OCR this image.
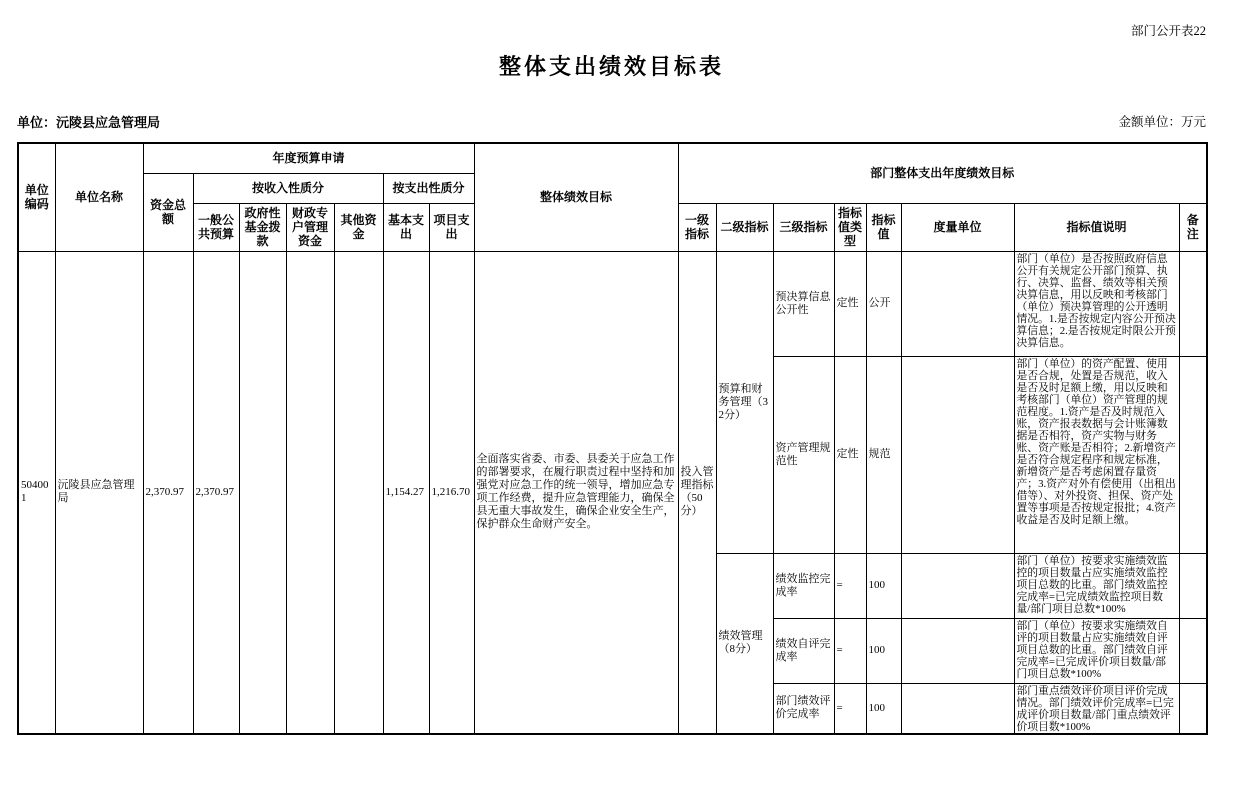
部门公开表22
整体支出绩效目标表
单位：沅陵县应急管理局	金额单位：万元
单位编码	单位名称	年度预算申请							整体绩效目标	部门整体支出年度绩效目标							
		资金总额	按收入性质分				按支出性质分										
			一般公共预算	政府性基金拨款	财政专户管理资金	其他资金	基本支出	项目支出		一级指标	二级指标	三级指标	指标值类型	指标值	度量单位	指标值说明	备注
504001	沅陵县应急管理局	2,370.97	2,370.97				1,154.27	1,216.70	全面落实省委、市委、县委关于应急工作的部署要求，在履行职责过程中坚持和加强党对应急工作的统一领导，增加应急专项工作经费，提升应急管理能力，确保全县无重大事故发生，确保企业安全生产，保护群众生命财产安全。	投入管理指标（50分）	预算和财务管理（32分）	预决算信息公开性	定性	公开		部门（单位）是否按照政府信息公开有关规定公开部门预算、执行、决算、监督、绩效等相关预决算信息，用以反映和考核部门（单位）预决算管理的公开透明情况。1.是否按规定内容公开预决算信息；2.是否按规定时限公开预决算信息。	

												资产管理规范性	定性	规范		部门（单位）的资产配置、使用是否合规，处置是否规范，收入是否及时足额上缴，用以反映和考核部门（单位）资产管理的规范程度。1.资产是否及时规范入账，资产报表数据与会计账簿数据是否相符，资产实物与财务账、资产账是否相符；2.新增资产是否符合规定程序和规定标准，新增资产是否考虑闲置存量资产；3.资产对外有偿使用（出租出借等）、对外投资、担保、资产处置等事项是否按规定报批；4.资产收益是否及时足额上缴。	

											绩效管理（8分）	绩效监控完成率	=	100		部门（单位）按要求实施绩效监控的项目数量占应实施绩效监控项目总数的比重。部门绩效监控完成率=已完成绩效监控项目数量/部门项目总数*100%	

												绩效自评完成率	=	100		部门（单位）按要求实施绩效自评的项目数量占应实施绩效自评项目总数的比重。部门绩效自评完成率=已完成评价项目数量/部门项目总数*100%	

												部门绩效评价完成率	=	100		部门重点绩效评价项目评价完成情况。部门绩效评价完成率=已完成评价项目数量/部门重点绩效评价项目数*100%	
